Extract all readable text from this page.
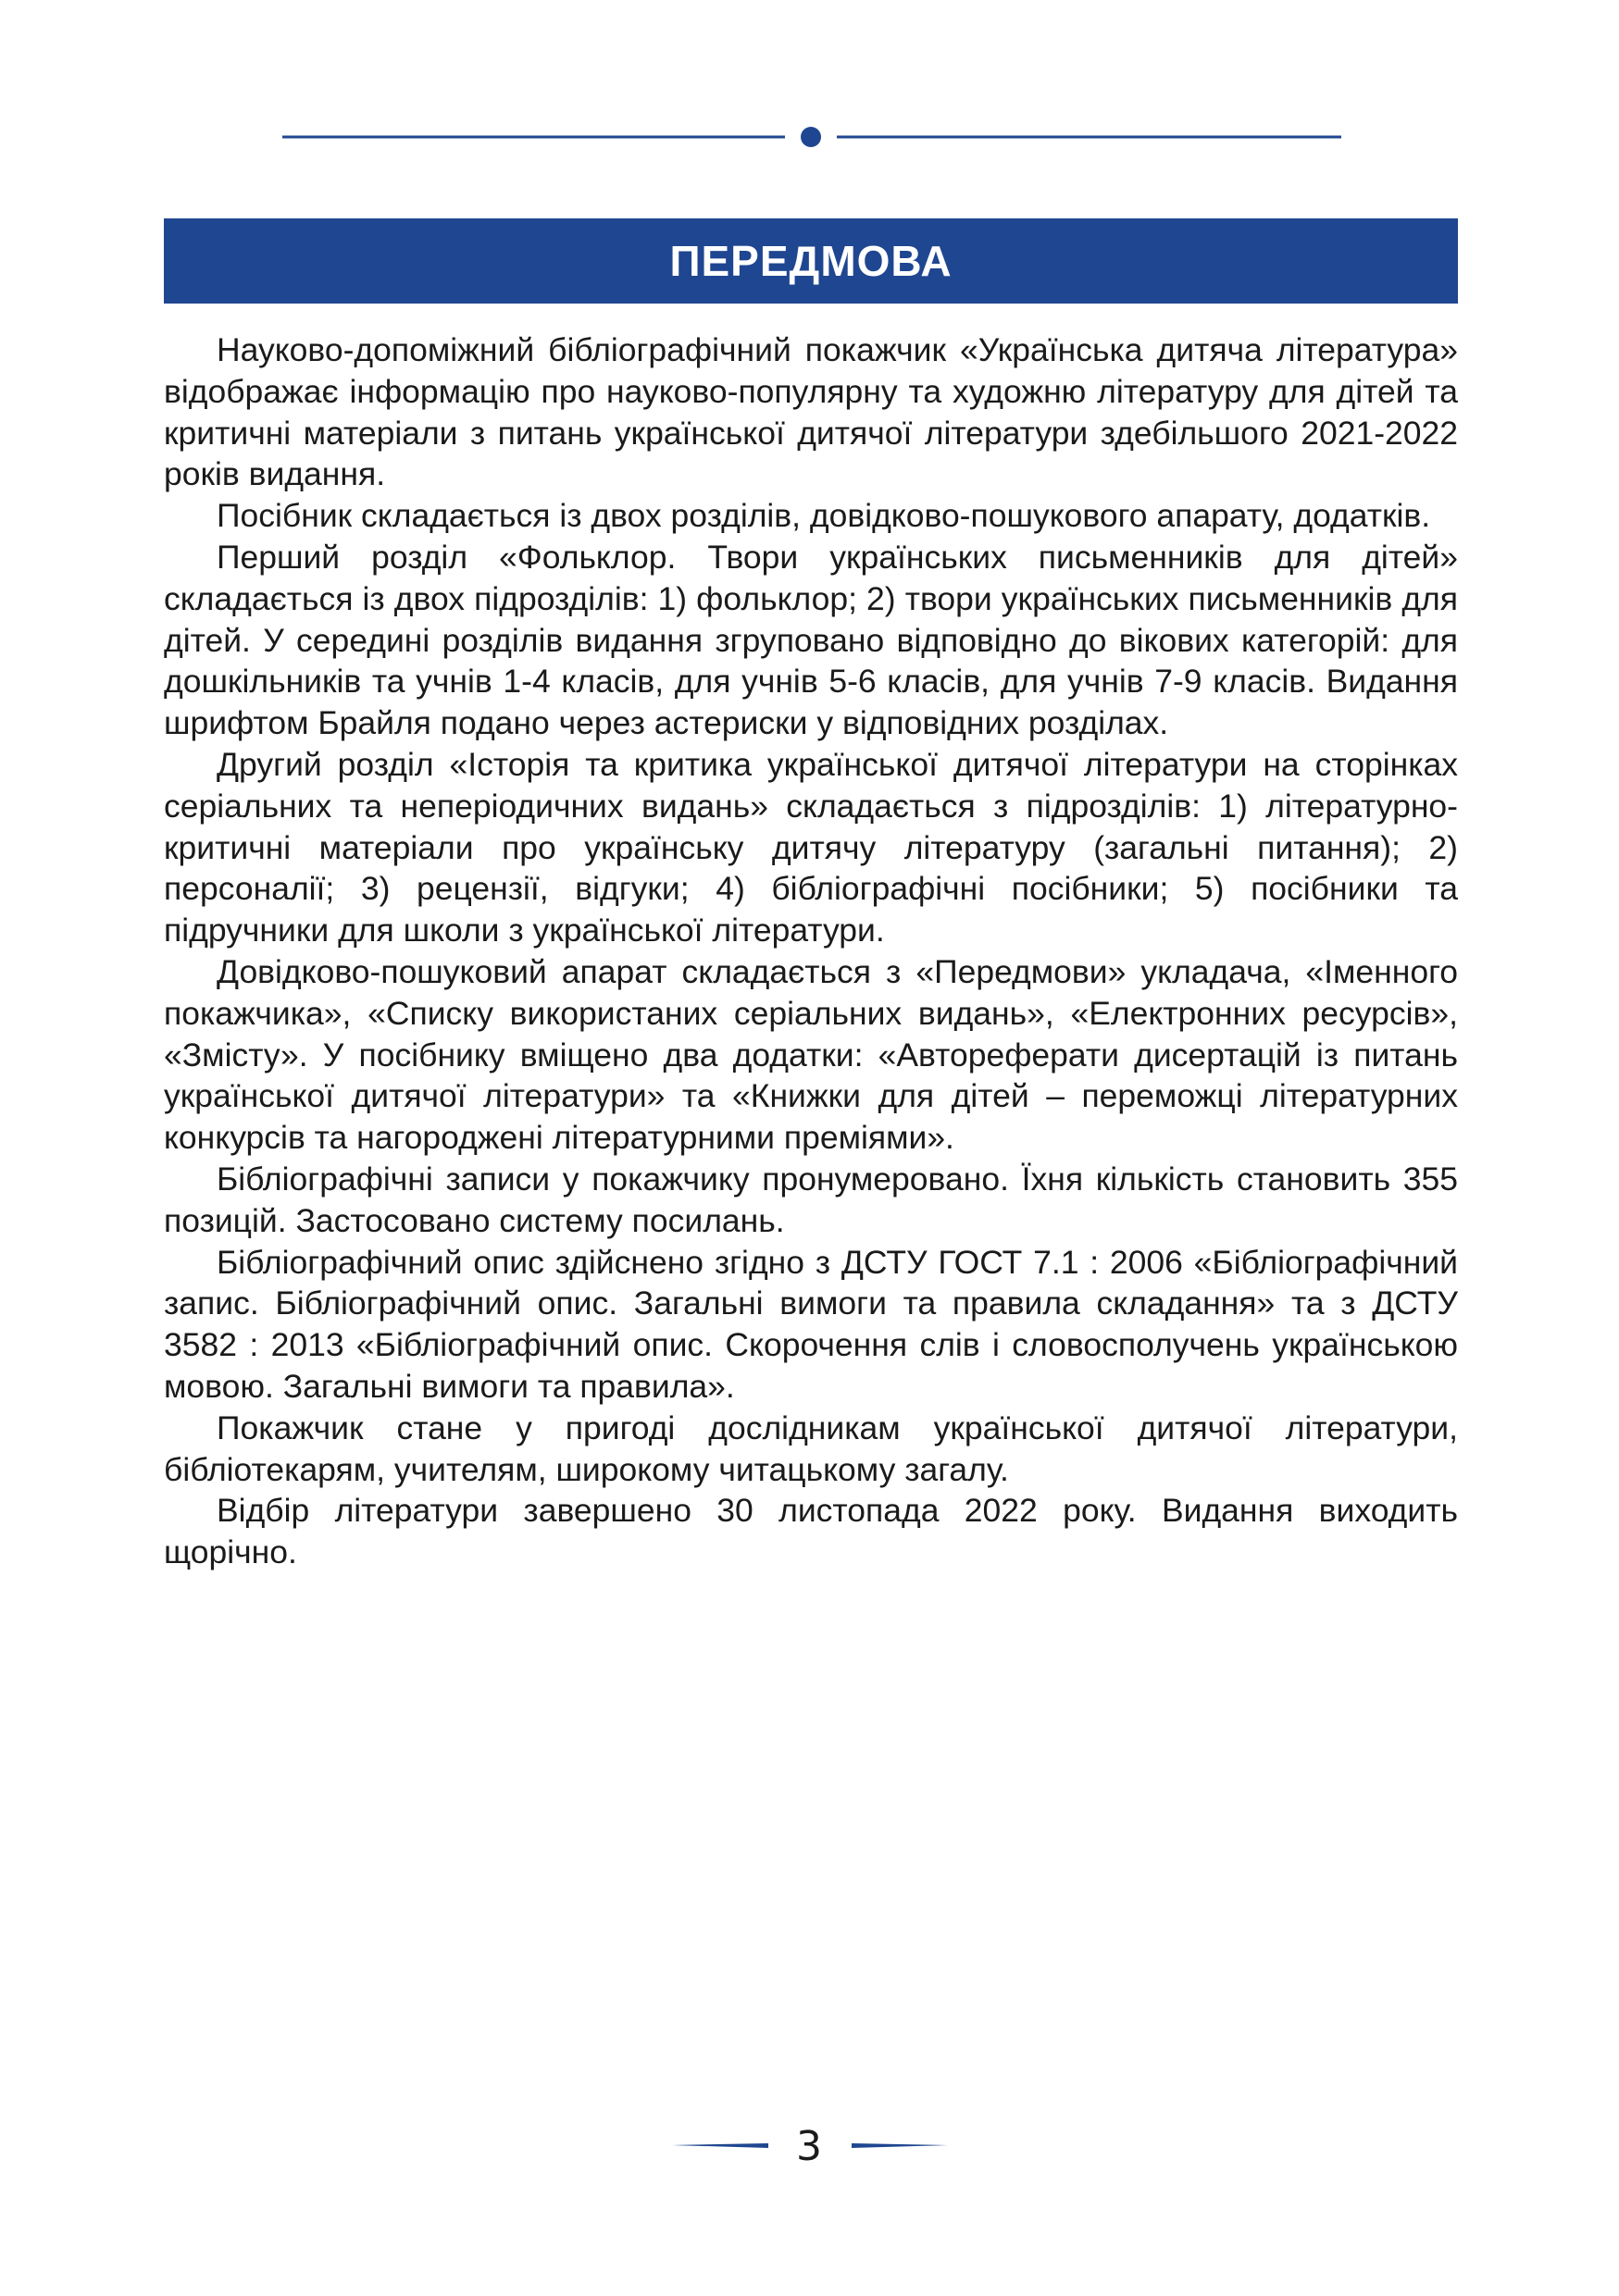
ПЕРЕДМОВА

Науково-допоміжний бібліографічний покажчик «Українська дитяча література» відображає інформацію про науково-популярну та художню літературу для дітей та критичні матеріали з питань української дитячої літератури здебільшого 2021-2022 років видання.

Посібник складається із двох розділів, довідково-пошукового апарату, додатків.

Перший розділ «Фольклор. Твори українських письменників для дітей» складається із двох підрозділів: 1) фольклор; 2) твори українських письменників для дітей. У середині розділів видання згруповано відповідно до вікових категорій: для дошкільників та учнів 1-4 класів, для учнів 5-6 класів, для учнів 7-9 класів. Видання шрифтом Брайля подано через астериски у відповідних розділах.

Другий розділ «Історія та критика української дитячої літератури на сторінках серіальних та неперіодичних видань» складається з підрозділів: 1) літературно-критичні матеріали про українську дитячу літературу (загальні питання); 2) персоналії; 3) рецензії, відгуки; 4) бібліографічні посібники; 5) посібники та підручники для школи з української літератури.

Довідково-пошуковий апарат складається з «Передмови» укладача, «Іменного покажчика», «Списку використаних серіальних видань», «Електронних ресурсів», «Змісту». У посібнику вміщено два додатки: «Автореферати дисертацій із питань української дитячої літератури» та «Книжки для дітей – переможці літературних конкурсів та нагороджені літературними преміями».

Бібліографічні записи у покажчику пронумеровано. Їхня кількість становить 355 позицій. Застосовано систему посилань.

Бібліографічний опис здійснено згідно з ДСТУ ГОСТ 7.1 : 2006 «Бібліографічний запис. Бібліографічний опис. Загальні вимоги та правила складання» та з ДСТУ 3582 : 2013 «Бібліографічний опис. Скорочення слів і словосполучень українською мовою. Загальні вимоги та правила».

Покажчик стане у пригоді дослідникам української дитячої літератури, бібліотекарям, учителям, широкому читацькому загалу.

Відбір літератури завершено 30 листопада 2022 року. Видання виходить щорічно.

3
